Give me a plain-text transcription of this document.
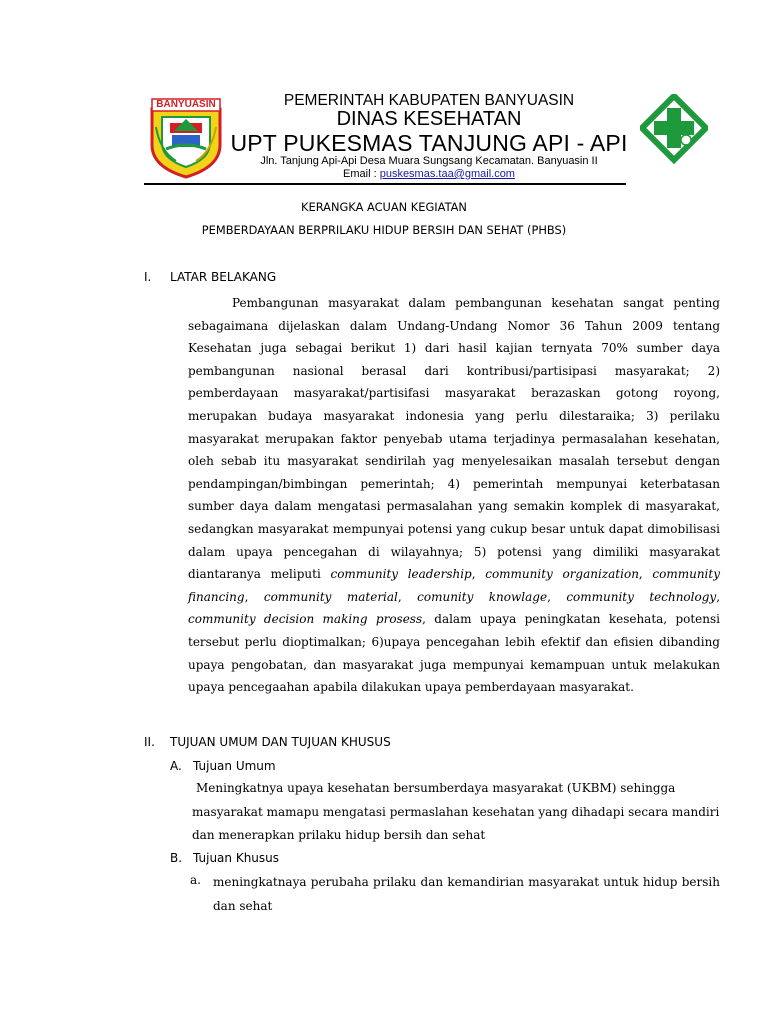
BANYUASIN	PEMERINTAH KABUPATEN BANYUASIN
DINAS KESEHATAN
UPT PUKESMAS TANJUNG API - API
Jln. Tanjung Api-Api Desa Muara Sungsang Kecamatan. Banyuasin II
Email : puskesmas.taa@gmail.com
KERANGKA ACUAN KEGIATAN
PEMBERDAYAAN BERPRILAKU HIDUP BERSIH DAN SEHAT (PHBS)
I. LATAR BELAKANG
Pembangunan masyarakat dalam pembangunan kesehatan sangat penting sebagaimana dijelaskan dalam Undang-Undang Nomor 36 Tahun 2009 tentang Kesehatan juga sebagai berikut 1) dari hasil kajian ternyata 70% sumber daya pembangunan nasional berasal dari kontribusi/partisipasi masyarakat; 2) pemberdayaan masyarakat/partisifasi masyarakat berazaskan gotong royong, merupakan budaya masyarakat indonesia yang perlu dilestaraika; 3) perilaku masyarakat merupakan faktor penyebab utama terjadinya permasalahan kesehatan, oleh sebab itu masyarakat sendirilah yag menyelesaikan masalah tersebut dengan pendampingan/bimbingan pemerintah; 4) pemerintah mempunyai keterbatasan sumber daya dalam mengatasi permasalahan yang semakin komplek di masyarakat, sedangkan masyarakat mempunyai potensi yang cukup besar untuk dapat dimobilisasi dalam upaya pencegahan di wilayahnya; 5) potensi yang dimiliki masyarakat diantaranya meliputi community leadership, community organization, community financing, community material, comunity knowlage, community technology, community decision making prosess, dalam upaya peningkatan kesehata, potensi tersebut perlu dioptimalkan; 6)upaya pencegahan lebih efektif dan efisien dibanding upaya pengobatan, dan masyarakat juga mempunyai kemampuan untuk melakukan upaya pencegaahan apabila dilakukan upaya pemberdayaan masyarakat.
II. TUJUAN UMUM DAN TUJUAN KHUSUS
A. Tujuan Umum
Meningkatnya upaya kesehatan bersumberdaya masyarakat (UKBM) sehingga
masyarakat mamapu mengatasi permaslahan kesehatan yang dihadapi secara mandiri
dan menerapkan prilaku hidup bersih dan sehat
B. Tujuan Khusus
a. meningkatnaya perubaha prilaku dan kemandirian masyarakat untuk hidup bersih dan sehat
